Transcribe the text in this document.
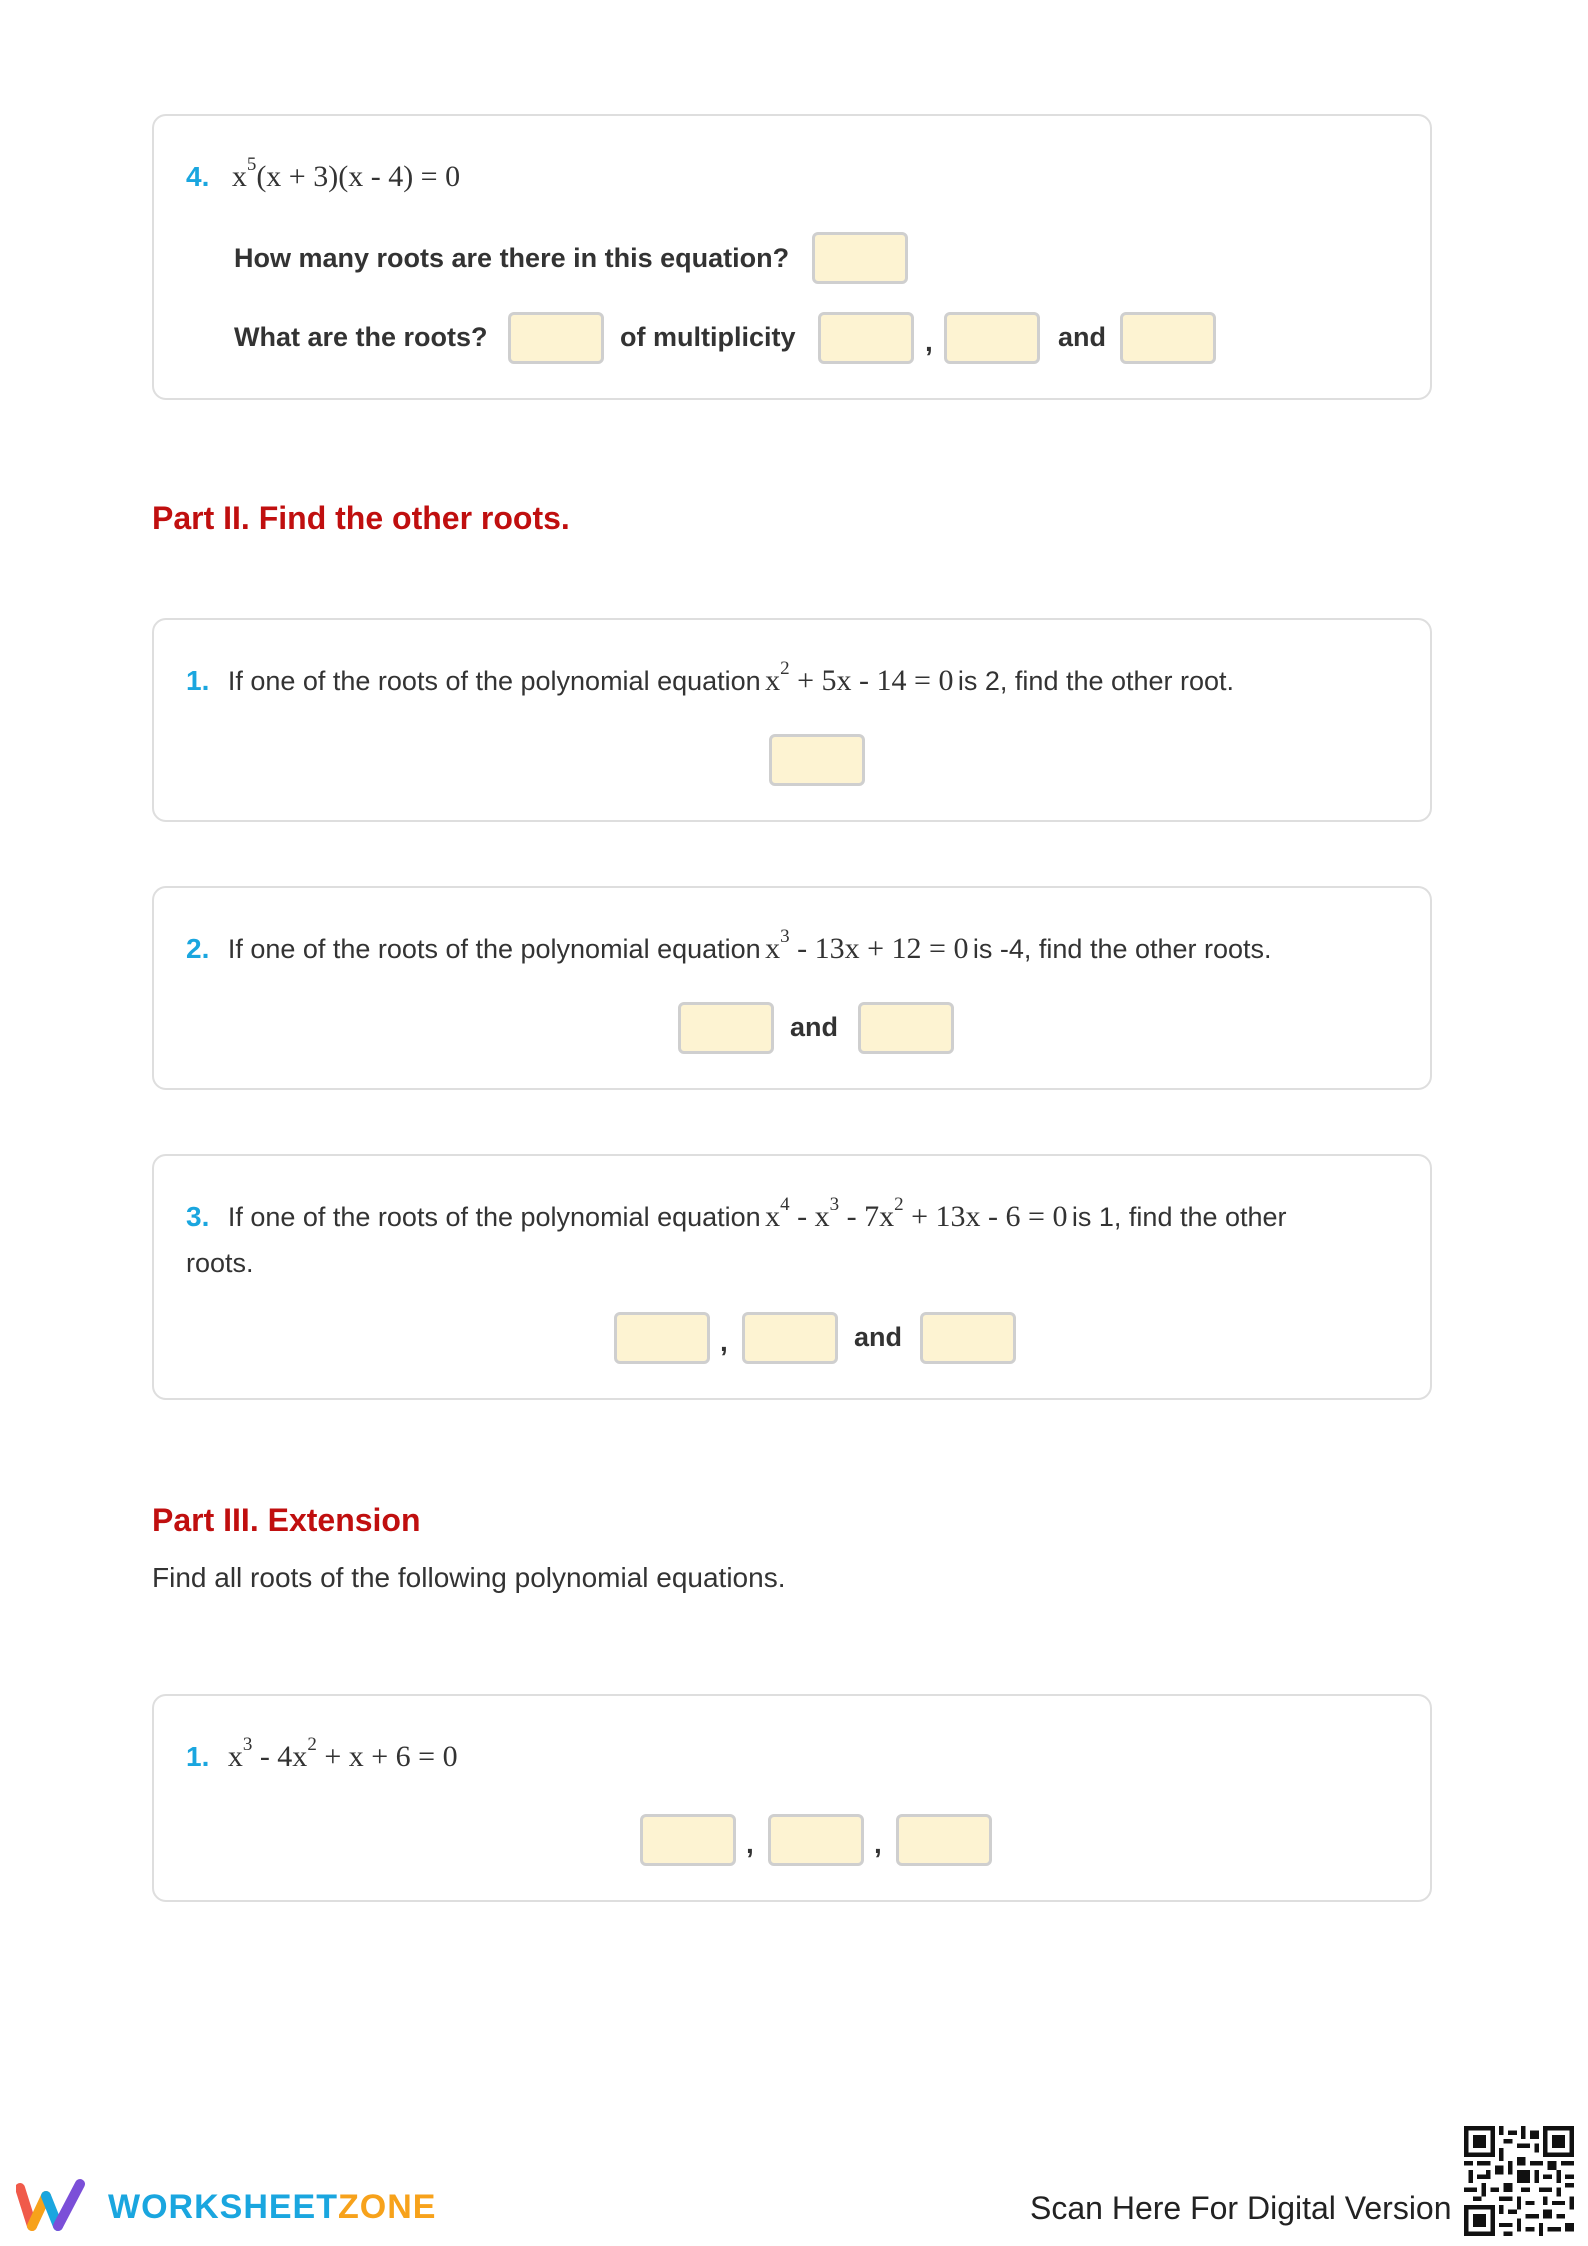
4. $x^5(x + 3)(x - 4) = 0$
How many roots are there in this equation?
What are the roots?	of multiplicity	,	and
Part II. Find the other roots.
1. If one of the roots of the polynomial equation $x^2 + 5x - 14 = 0$ is 2, find the other root.
2. If one of the roots of the polynomial equation $x^3 - 13x + 12 = 0$ is -4, find the other roots.
and
3. If one of the roots of the polynomial equation $x^4 - x^3 - 7x^2 + 13x - 6 = 0$ is 1, find the other
roots.
,	and
Part III. Extension
Find all roots of the following polynomial equations.
1. $x^3 - 4x^2 + x + 6 = 0$
,	,
WORKSHEETZONE	Scan Here For Digital Version
